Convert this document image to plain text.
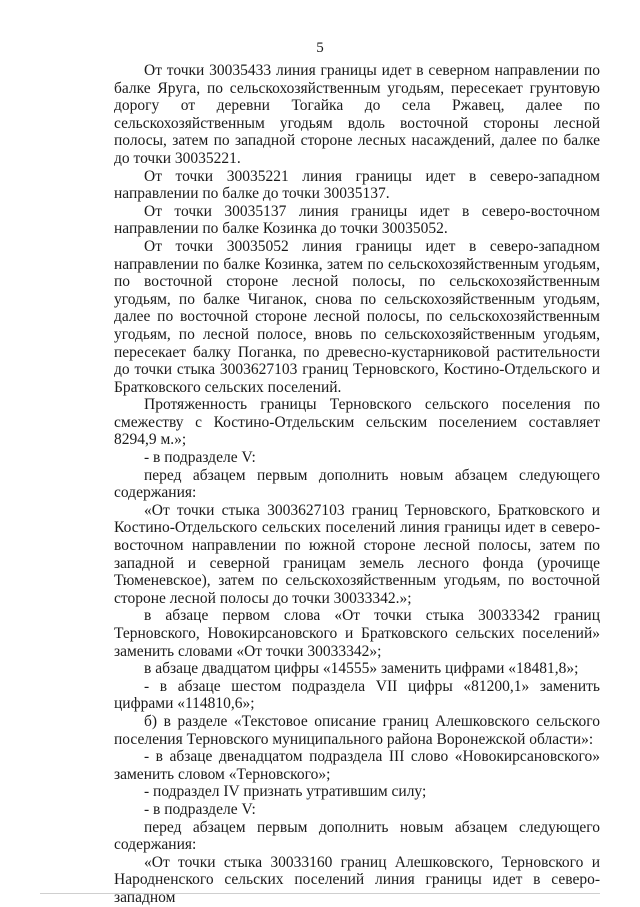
5

От точки 30035433 линия границы идет в северном направлении по балке Яруга, по сельскохозяйственным угодьям, пересекает грунтовую дорогу от деревни Тогайка до села Ржавец, далее по сельскохозяйственным угодьям вдоль восточной стороны лесной полосы, затем по западной стороне лесных насаждений, далее по балке до точки 30035221.

От точки 30035221 линия границы идет в северо-западном направлении по балке до точки 30035137.

От точки 30035137 линия границы идет в северо-восточном направлении по балке Козинка до точки 30035052.

От точки 30035052 линия границы идет в северо-западном направлении по балке Козинка, затем по сельскохозяйственным угодьям, по восточной стороне лесной полосы, по сельскохозяйственным угодьям, по балке Чиганок, снова по сельскохозяйственным угодьям, далее по восточной стороне лесной полосы, по сельскохозяйственным угодьям, по лесной полосе, вновь по сельскохозяйственным угодьям, пересекает балку Поганка, по древесно-кустарниковой растительности до точки стыка 3003627103 границ Терновского, Костино-Отдельского и Братковского сельских поселений.

Протяженность границы Терновского сельского поселения по смежеству с Костино-Отдельским сельским поселением составляет 8294,9 м.»;

- в подразделе V:

перед абзацем первым дополнить новым абзацем следующего содержания:

«От точки стыка 3003627103 границ Терновского, Братковского и Костино-Отдельского сельских поселений линия границы идет в северо-восточном направлении по южной стороне лесной полосы, затем по западной и северной границам земель лесного фонда (урочище Тюменевское), затем по сельскохозяйственным угодьям, по восточной стороне лесной полосы до точки 30033342.»;

в абзаце первом слова «От точки стыка 30033342 границ Терновского, Новокирсановского и Братковского сельских поселений» заменить словами «От точки 30033342»;

в абзаце двадцатом цифры «14555» заменить цифрами «18481,8»;

- в абзаце шестом подраздела VII цифры «81200,1» заменить цифрами «114810,6»;

б) в разделе «Текстовое описание границ Алешковского сельского поселения Терновского муниципального района Воронежской области»:

- в абзаце двенадцатом подраздела III слово «Новокирсановского» заменить словом «Терновского»;

- подраздел IV признать утратившим силу;

- в подразделе V:

перед абзацем первым дополнить новым абзацем следующего содержания:

«От точки стыка 30033160 границ Алешковского, Терновского и Народненского сельских поселений линия границы идет в северо-западном
